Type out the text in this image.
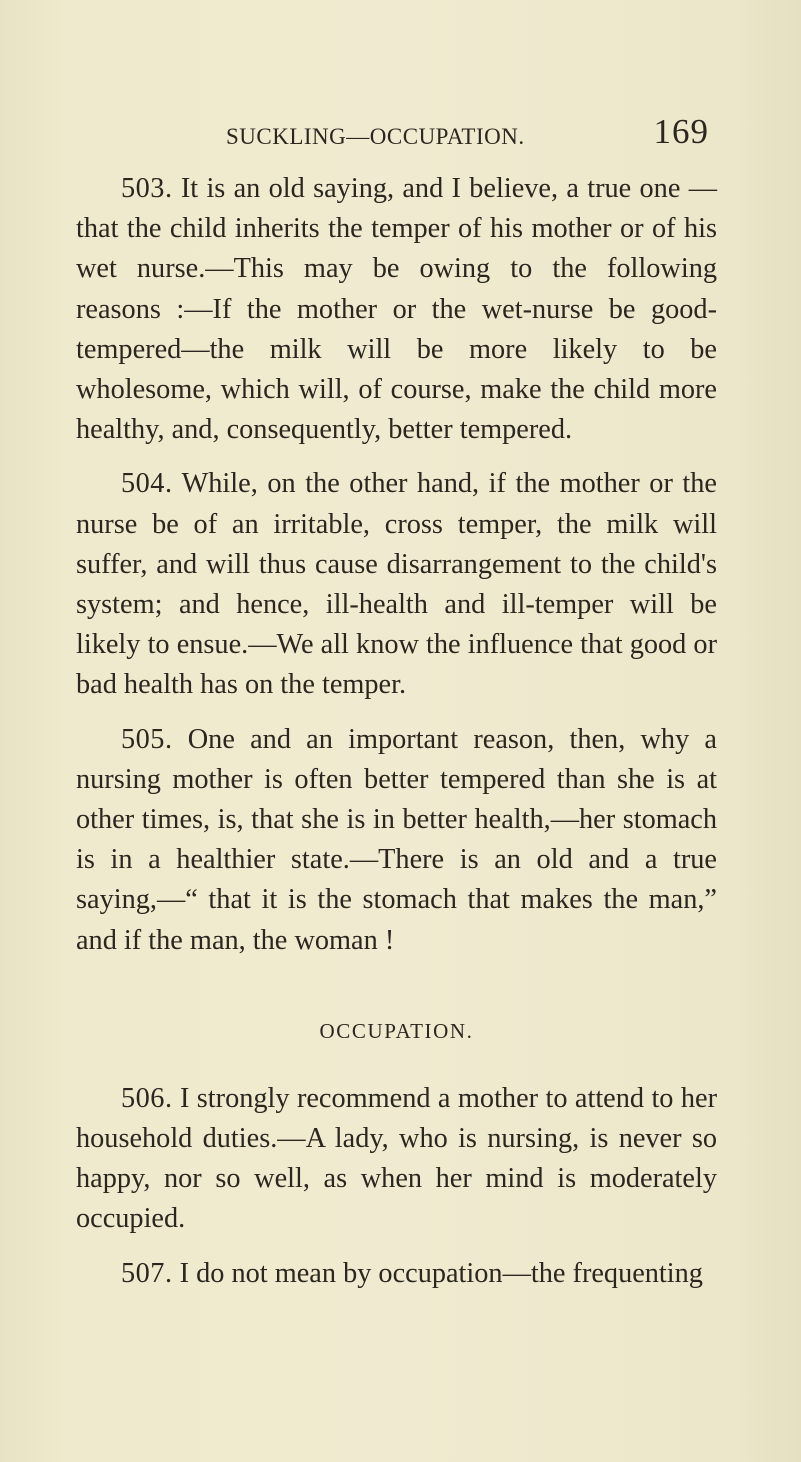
SUCKLING—OCCUPATION.	169

503. It is an old saying, and I believe, a true one —that the child inherits the temper of his mother or of his wet nurse.—This may be owing to the following reasons :—If the mother or the wet-nurse be good-tempered—the milk will be more likely to be wholesome, which will, of course, make the child more healthy, and, consequently, better tempered.

504. While, on the other hand, if the mother or the nurse be of an irritable, cross temper, the milk will suffer, and will thus cause disarrangement to the child's system; and hence, ill-health and ill-temper will be likely to ensue.—We all know the influence that good or bad health has on the temper.

505. One and an important reason, then, why a nursing mother is often better tempered than she is at other times, is, that she is in better health,—her stomach is in a healthier state.—There is an old and a true saying,—“ that it is the stomach that makes the man,” and if the man, the woman !

OCCUPATION.

506. I strongly recommend a mother to attend to her household duties.—A lady, who is nursing, is never so happy, nor so well, as when her mind is moderately occupied.

507. I do not mean by occupation—the frequenting
